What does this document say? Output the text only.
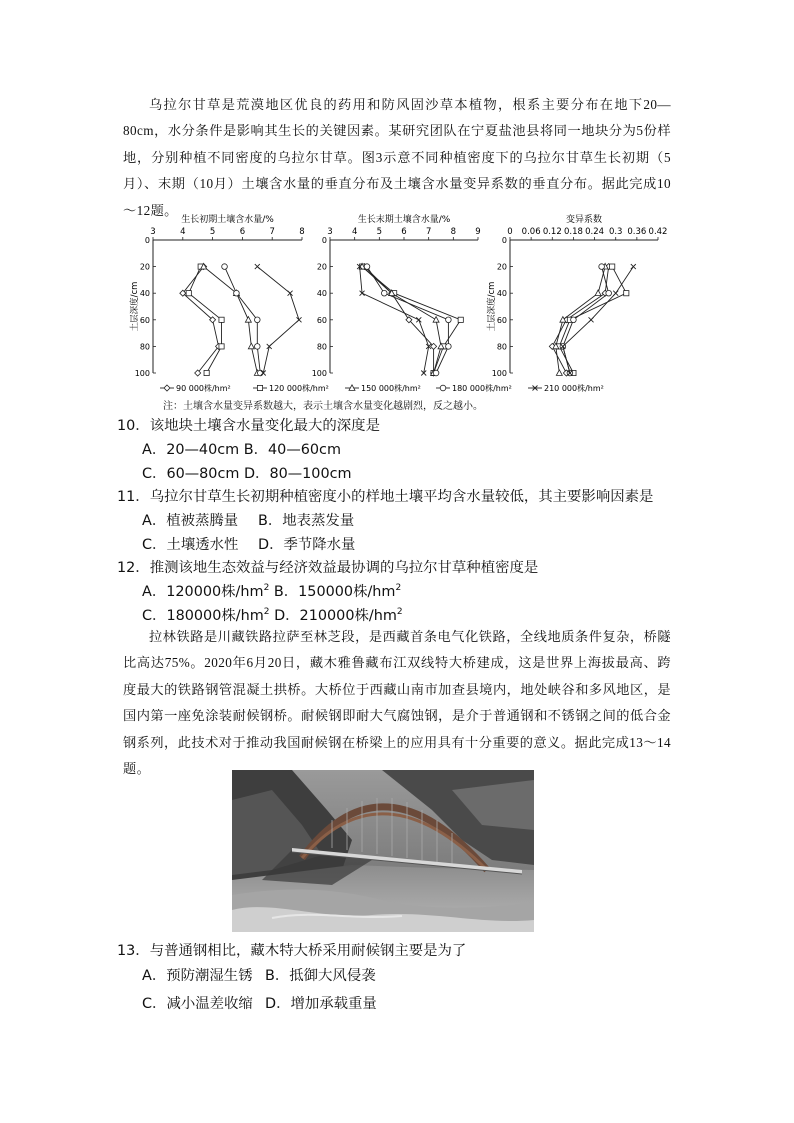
乌拉尔甘草是荒漠地区优良的药用和防风固沙草本植物，根系主要分布在地下20—80cm，水分条件是影响其生长的关键因素。某研究团队在宁夏盐池县将同一地块分为5份样地，分别种植不同密度的乌拉尔甘草。图3示意不同种植密度下的乌拉尔甘草生长初期（5月）、末期（10月）土壤含水量的垂直分布及土壤含水量变异系数的垂直分布。据此完成10～12题。

生长初期土壤含水量/%
3	4	5	6	7	8
0
20
40
60
80
100
土层深度/cm
生长末期土壤含水量/%
3 4 5 6 7 8 9
0
20
40
60
80
100
变异系数
0 0.06 0.12 0.18 0.24 0.3 0.36 0.42
0
20
40
60
80
100
土层深度/cm
90 000株/hm²	120 000株/hm²	150 000株/hm²	180 000株/hm²	210 000株/hm²
注：土壤含水量变异系数越大，表示土壤含水量变化越剧烈，反之越小。
10．该地块土壤含水量变化最大的深度是
A．20—40cm B．40—60cm
C．60—80cm D．80—100cm
11．乌拉尔甘草生长初期种植密度小的样地土壤平均含水量较低，其主要影响因素是
A．植被蒸腾量 B．地表蒸发量
C．土壤透水性 D．季节降水量
12．推测该地生态效益与经济效益最协调的乌拉尔甘草种植密度是
A．120000株$/hm^2$ B．150000株$/hm^2$
C．180000株$/hm^2$ D．210000株$/hm^2$

拉林铁路是川藏铁路拉萨至林芝段，是西藏首条电气化铁路，全线地质条件复杂，桥隧比高达75%。2020年6月20日，藏木雅鲁藏布江双线特大桥建成，这是世界上海拔最高、跨度最大的铁路钢管混凝土拱桥。大桥位于西藏山南市加查县境内，地处峡谷和多风地区，是国内第一座免涂装耐候钢桥。耐候钢即耐大气腐蚀钢，是介于普通钢和不锈钢之间的低合金钢系列，此技术对于推动我国耐候钢在桥梁上的应用具有十分重要的意义。据此完成13～14题。

13．与普通钢相比，藏木特大桥采用耐候钢主要是为了
A．预防潮湿生锈 B．抵御大风侵袭
C．减小温差收缩 D．增加承载重量
